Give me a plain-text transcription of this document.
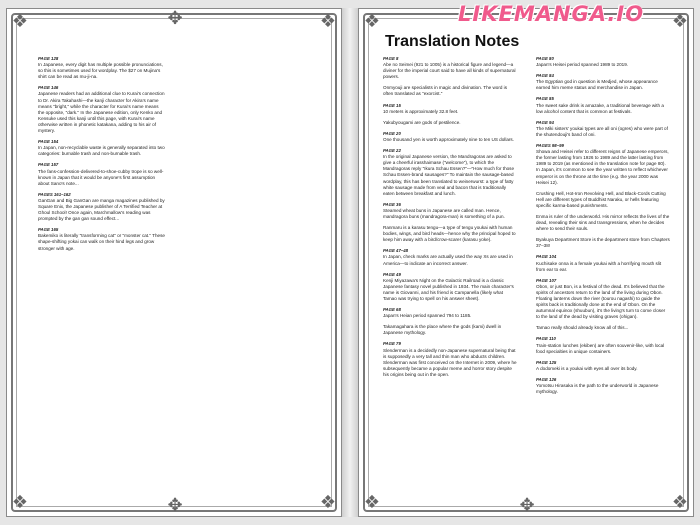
❖	❖
❖	❖
✥
✥
❖	❖
❖	❖
✥
LIKEMANGA.IO
Translation Notes
PAGE 128
In Japanese, every digit has multiple possible pronunciations, so this is sometimes used for wordplay. The $27 on Mujina's shirt can be read as mu-ji-na.
PAGE 146
Japanese readers had an additional clue to Kurai's connection to Dr. Akira Takahashi—the kanji character for Akira's name means "bright," while the character for Kurai's name means the opposite, "dark." In the Japanese edition, only Kenko and Kensuke used this kanji until this page, with Kurai's name otherwise written in phonetic katakana, adding to his air of mystery.
PAGE 154
In Japan, non-recyclable waste is generally separated into two categories: burnable trash and non-burnable trash.
PAGE 157
The fans-confession-delivered-to-shoe-cubby trope is so well-known in Japan that it would be anyone's first assumption about Sano's note...
PAGES 161–162
GanGan and Big GanGan are manga magazines published by Square Enix, the Japanese publisher of A Terrified Teacher at Ghoul School! Once again, Marchmallow's reading was prompted by the gan gan sound effect...
PAGE 165
Bakemiko is literally "transforming cat" or "monster cat." These shape-shifting yokai can walk on their hind legs and grow stronger with age.
PAGE 8
Abe no Seimei (921 to 1005) is a historical figure and legend—a diviner for the imperial court said to have all kinds of supernatural powers.
Onmyouji are specialists in magic and divination. The word is often translated as "exorcist."
PAGE 15
10 meters is approximately 32.8 feet.
Yakubyougami are gods of pestilence.
PAGE 20
One thousand yen is worth approximately nine to ten US dollars.
PAGE 22
In the original Japanese version, the Mandragoras are asked to give a cheerful irasshaimase ("welcome"), to which the Mandragoras reply "Ikura Schau Essen?"—"How much for those Schau Essen-brand sausages?" To maintain the sausage-based wordplay, this has been translated to weinerwurst: a type of fatty white sausage made from veal and bacon that is traditionally eaten between breakfast and lunch.
PAGE 36
Steamed wheat buns in Japanese are called man. Hence, mandragora buns (mandragora-man) is something of a pun.
Ranmaru is a karasu tengu—a type of tengu youkai with human bodies, wings, and bird heads—hence why the principal hoped to keep him away with a bird/crow-scarer (karasu yoke).
PAGE 47–48
In Japan, check marks are actually used the way Xs are used in America—to indicate an incorrect answer.
PAGE 49
Kenji Miyazawa's Night on the Galactic Railroad is a classic Japanese fantasy novel published in 1934. The main character's name is Giovanni, and his friend is Campanella (likely what Tamao was trying to spell on his answer sheet).
PAGE 68
Japan's Heian period spanned 794 to 1185.
Takamagahara is the place where the gods (kami) dwell in Japanese mythology.
PAGE 79
Slenderman is a decidedly non-Japanese supernatural being that is supposedly a very tall and thin man who abducts children. Slenderman was first conceived on the Internet in 2009, where he subsequently became a popular meme and horror story despite his origins being out in the open.
PAGE 80
Japan's Heisei period spanned 1989 to 2019.
PAGE 84
The Egyptian god in question is Medjed, whose appearance earned him meme status and merchandise in Japan.
PAGE 85
The sweet sake drink is amazake, a traditional beverage with a low alcohol content that is common at festivals.
PAGE 94
The Miki sisters' youkai types are all oni (ogres) who were part of the shutendouji's band of oni.
PAGES 98–99
Showa and Heisei refer to different reigns of Japanese emperors, the former lasting from 1926 to 1989 and the latter lasting from 1989 to 2019 (as mentioned in the translation note for page 80). In Japan, it's common to see the year written to reflect whichever emperor is on the throne at the time (e.g. the year 2000 was Heisei 12).
Crushing Hell, Hot-Iron Revolving Hell, and Black-Cords Cutting Hell are different types of Buddhist Naraku, or hells featuring specific karma-based punishments.
Enma is ruler of the underworld. His mirror reflects the lives of the dead, revealing their sins and transgressions, when he decides where to send their souls.
Byakuya Department Store is the department store from Chapters 37–38!
PAGE 104
Kuchisake onna is a female youkai with a horrifying mouth slit from ear to ear.
PAGE 107
Obon, or just Bon, is a festival of the dead. It's believed that the spirits of ancestors return to the land of the living during Obon. Floating lanterns down the river (tourou nagashi) to guide the spirits back is traditionally done at the end of Obon. On the autumnal equinox (shuubun), it's the living's turn to come closer to the land of the dead by visiting graves (ohigan).
Tamao really should already know all of this...
PAGE 110
Train-station lunches (ekiben) are often souvenir-like, with local food specialties in unique containers.
PAGE 125
A dodomeki is a youkai with eyes all over its body.
PAGE 126
Yomotsu Hirasaka is the path to the underworld in Japanese mythology.
